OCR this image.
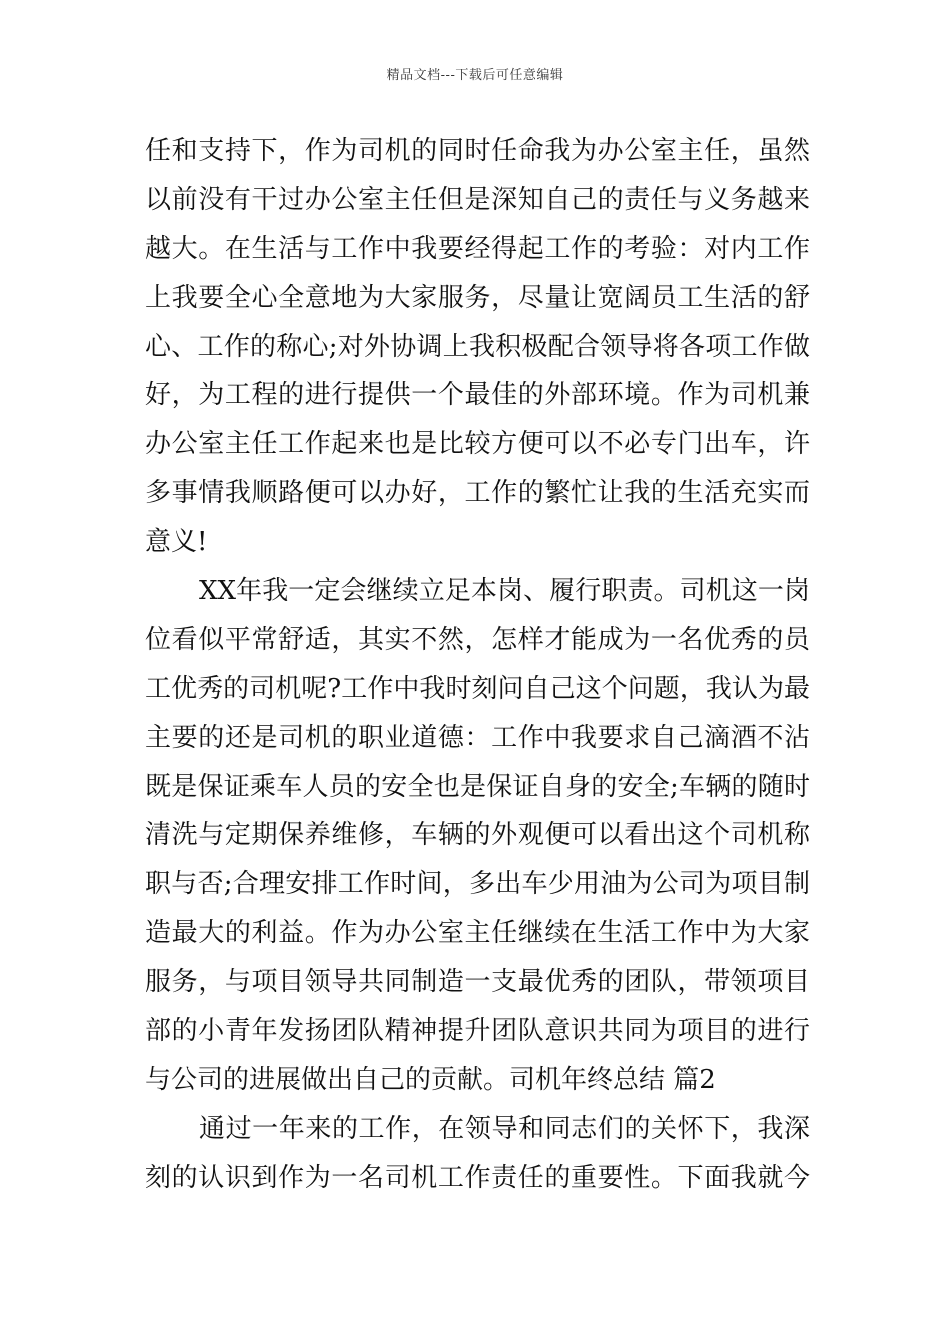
精品文档---下载后可任意编辑
任和支持下，作为司机的同时任命我为办公室主任，虽然
以前没有干过办公室主任但是深知自己的责任与义务越来
越大。在生活与工作中我要经得起工作的考验：对内工作
上我要全心全意地为大家服务，尽量让宽阔员工生活的舒
心、工作的称心;对外协调上我积极配合领导将各项工作做
好，为工程的进行提供一个最佳的外部环境。作为司机兼
办公室主任工作起来也是比较方便可以不必专门出车，许
多事情我顺路便可以办好，工作的繁忙让我的生活充实而
意义!
XX年我一定会继续立足本岗、履行职责。司机这一岗
位看似平常舒适，其实不然，怎样才能成为一名优秀的员
工优秀的司机呢?工作中我时刻问自己这个问题，我认为最
主要的还是司机的职业道德：工作中我要求自己滴酒不沾
既是保证乘车人员的安全也是保证自身的安全;车辆的随时
清洗与定期保养维修，车辆的外观便可以看出这个司机称
职与否;合理安排工作时间，多出车少用油为公司为项目制
造最大的利益。作为办公室主任继续在生活工作中为大家
服务，与项目领导共同制造一支最优秀的团队，带领项目
部的小青年发扬团队精神提升团队意识共同为项目的进行
与公司的进展做出自己的贡献。司机年终总结 篇2
通过一年来的工作，在领导和同志们的关怀下，我深
刻的认识到作为一名司机工作责任的重要性。下面我就今
